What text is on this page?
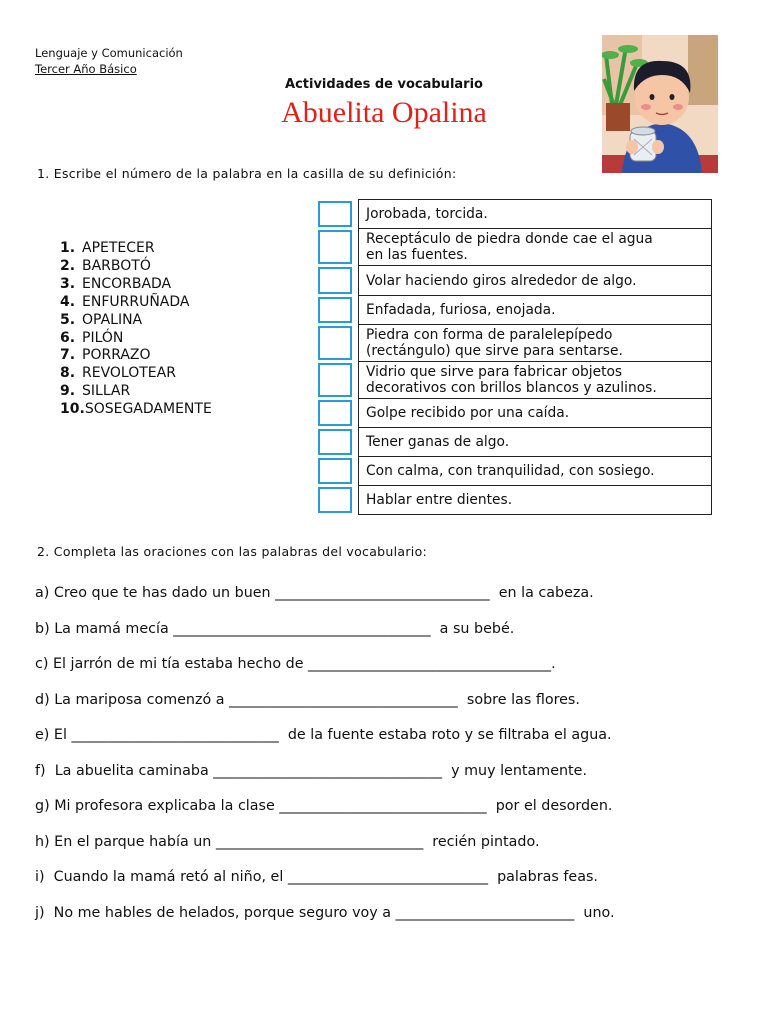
Lenguaje y Comunicación
Tercer Año Básico
Actividades de vocabulario
Abuelita Opalina
1. Escribe el número de la palabra en la casilla de su definición:
1. APETECER
2. BARBOTÓ
3. ENCORBADA
4. ENFURRUÑADA
5. OPALINA
6. PILÓN
7. PORRAZO
8. REVOLOTEAR
9. SILLAR
10.SOSEGADAMENTE
Jorobada, torcida.

Receptáculo de piedra donde cae el agua
en las fuentes.

Volar haciendo giros alrededor de algo.

Enfadada, furiosa, enojada.

Piedra con forma de paralelepípedo
(rectángulo) que sirve para sentarse.

Vidrio que sirve para fabricar objetos
decorativos con brillos blancos y azulinos.

Golpe recibido por una caída.

Tener ganas de algo.

Con calma, con tranquilidad, con sosiego.

Hablar entre dientes.
2. Completa las oraciones con las palabras del vocabulario:
a) Creo que te has dado un buen ______________________________  en la cabeza.
b) La mamá mecía ____________________________________  a su bebé.
c) El jarrón de mi tía estaba hecho de __________________________________.
d) La mariposa comenzó a ________________________________  sobre las flores.
e) El _____________________________  de la fuente estaba roto y se filtraba el agua.
f)  La abuelita caminaba ________________________________  y muy lentamente.
g) Mi profesora explicaba la clase _____________________________  por el desorden.
h) En el parque había un _____________________________  recién pintado.
i)  Cuando la mamá retó al niño, el ____________________________  palabras feas.
j)  No me hables de helados, porque seguro voy a _________________________  uno.
